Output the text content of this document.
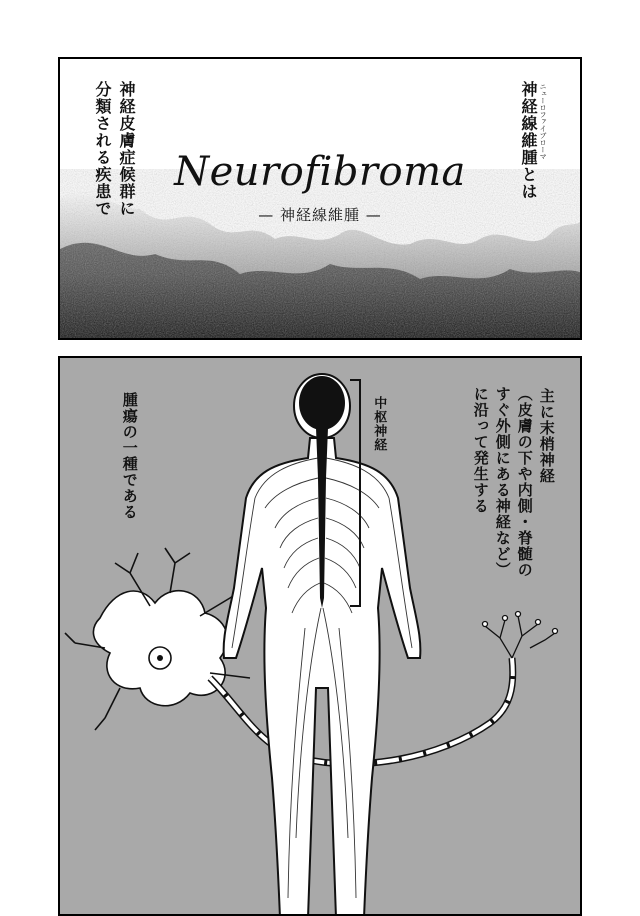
Neurofibroma
— 神経線維腫 —
神経線維腫とは ニューロファイブローマ
神経皮膚症候群に
分類される疾患で
主に末梢神経
（皮膚の下や内側・脊髄の
すぐ外側にある神経など）
に沿って発生する
中枢神経
腫瘍の一種である
